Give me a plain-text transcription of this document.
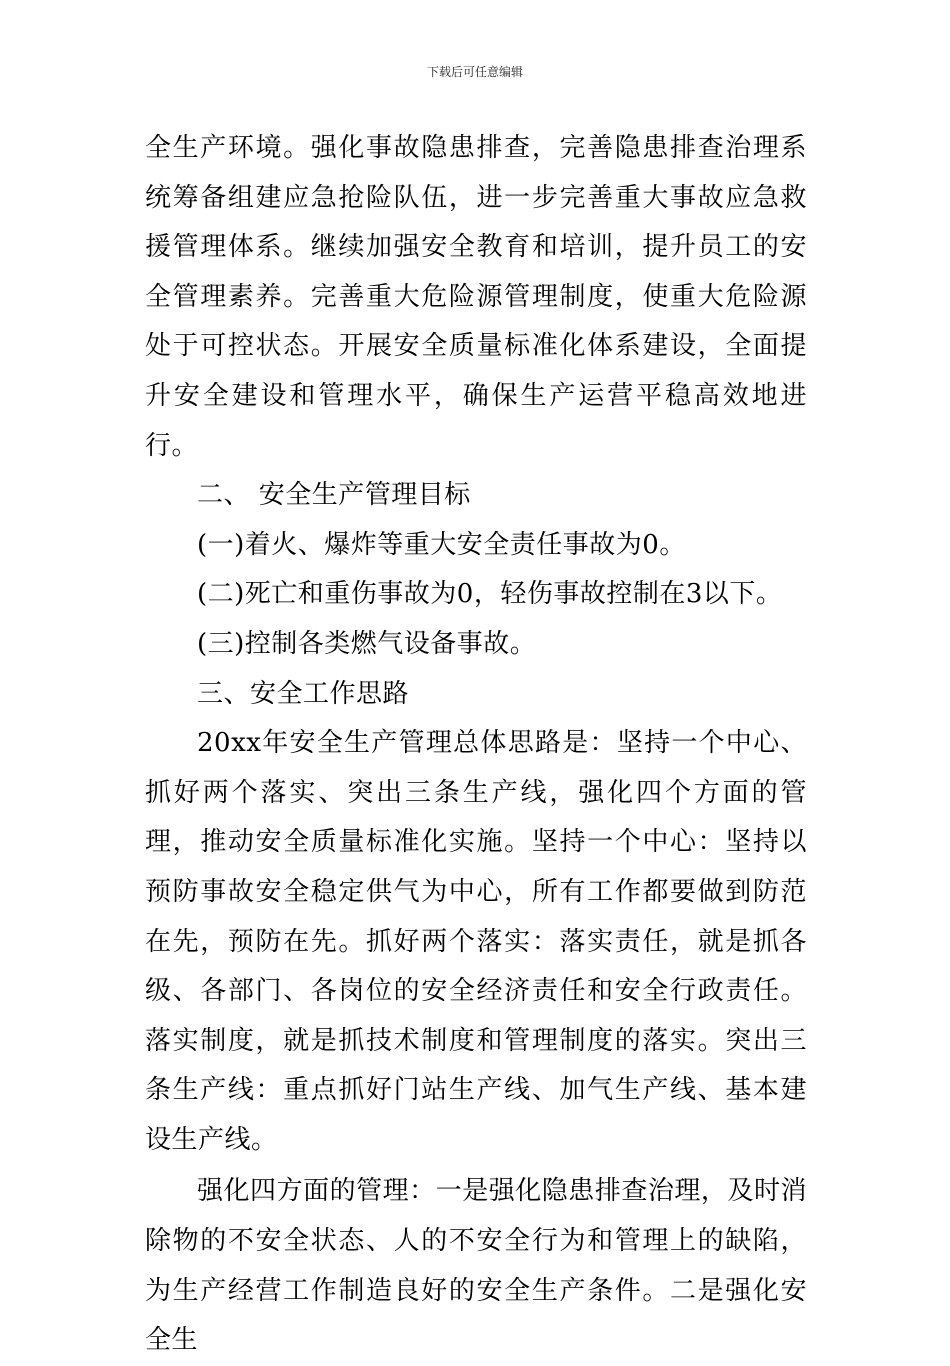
下载后可任意编辑

全生产环境。强化事故隐患排查，完善隐患排查治理系统筹备组建应急抢险队伍，进一步完善重大事故应急救援管理体系。继续加强安全教育和培训，提升员工的安 全管理素养。完善重大危险源管理制度，使重大危险源处于可控状态。开展安全质量标准化体系建设，全面提升安全建设和管理水平，确保生产运营平稳高效地进行。

二、 安全生产管理目标

(一)着火、爆炸等重大安全责任事故为0。

(二)死亡和重伤事故为0，轻伤事故控制在3以下。

(三)控制各类燃气设备事故。

三、安全工作思路

20xx年安全生产管理总体思路是：坚持一个中心、抓好两个落实、突出三条生产线，强化四个方面的管理，推动安全质量标准化实施。坚持一个中心：坚持以预防事故安全稳定供气为中心，所有工作都要做到防范在先，预防在先。抓好两个落实：落实责任，就是抓各级、各部门、各岗位的安全经济责任和安全行政责任。落实制度，就是抓技术制度和管理制度的落实。突出三条生产线：重点抓好门站生产线、加气生产线、基本建设生产线。

强化四方面的管理：一是强化隐患排查治理，及时消除物的不安全状态、人的不安全行为和管理上的缺陷，为生产经营工作制造良好的安全生产条件。二是强化安全生
